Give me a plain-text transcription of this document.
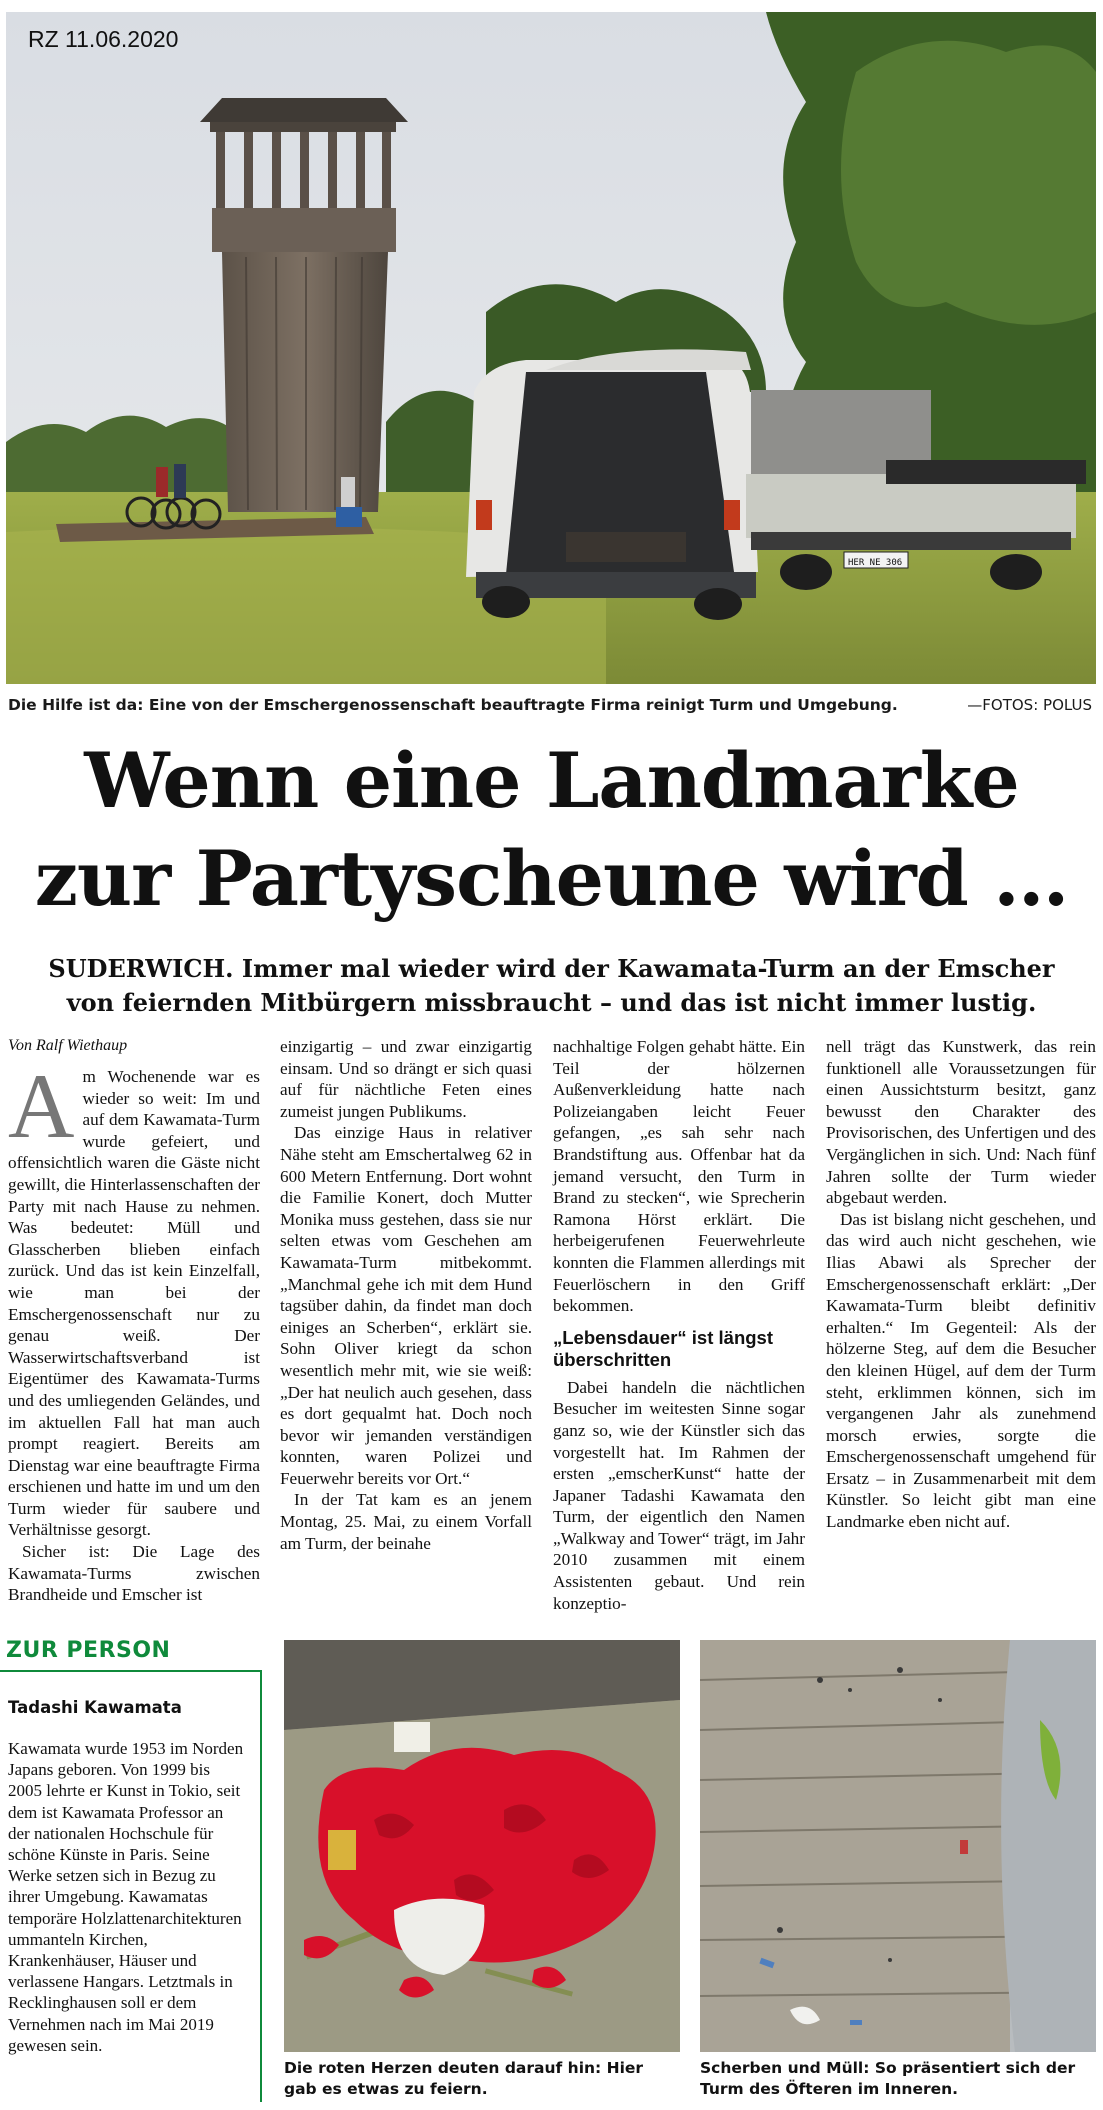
RZ 11.06.2020
HER NE 306
Die Hilfe ist da: Eine von der Emschergenossenschaft beauftragte Firma reinigt Turm und Umgebung.	—FOTOS: POLUS
Wenn eine Landmarke
zur Partyscheune wird …
SUDERWICH. Immer mal wieder wird der Kawamata-Turm an der Emscher
von feiernden Mitbürgern missbraucht – und das ist nicht immer lustig.
Von Ralf Wiethaup
A m Wochenende war es wieder so weit: Im und auf dem Kawamata-Turm wurde gefeiert, und offensichtlich waren die Gäste nicht gewillt, die Hinterlassenschaften der Party mit nach Hause zu nehmen. Was bedeutet: Müll und Glasscherben blieben einfach zurück. Und das ist kein Einzelfall, wie man bei der Emschergenossenschaft nur zu genau weiß. Der Wasserwirtschaftsverband ist Eigentümer des Kawamata-Turms und des umliegenden Geländes, und im aktuellen Fall hat man auch prompt reagiert. Bereits am Dienstag war eine beauftragte Firma erschienen und hatte im und um den Turm wieder für saubere und Verhältnisse gesorgt.

Sicher ist: Die Lage des Kawamata-Turms zwischen Brandheide und Emscher ist

einzigartig – und zwar einzigartig einsam. Und so drängt er sich quasi auf für nächtliche Feten eines zumeist jungen Publikums.

Das einzige Haus in relativer Nähe steht am Emschertalweg 62 in 600 Metern Entfernung. Dort wohnt die Familie Konert, doch Mutter Monika muss gestehen, dass sie nur selten etwas vom Geschehen am Kawamata-Turm mitbekommt. „Manchmal gehe ich mit dem Hund tagsüber dahin, da findet man doch einiges an Scherben“, erklärt sie. Sohn Oliver kriegt da schon wesentlich mehr mit, wie sie weiß: „Der hat neulich auch gesehen, dass es dort gequalmt hat. Doch noch bevor wir jemanden verständigen konnten, waren Polizei und Feuerwehr bereits vor Ort.“

In der Tat kam es an jenem Montag, 25. Mai, zu einem Vorfall am Turm, der beinahe

nachhaltige Folgen gehabt hätte. Ein Teil der hölzernen Außenverkleidung hatte nach Polizeiangaben leicht Feuer gefangen, „es sah sehr nach Brandstiftung aus. Offenbar hat da jemand versucht, den Turm in Brand zu stecken“, wie Sprecherin Ramona Hörst erklärt. Die herbeigerufenen Feuerwehrleute konnten die Flammen allerdings mit Feuerlöschern in den Griff bekommen.

„Lebensdauer“ ist längst überschritten

Dabei handeln die nächtlichen Besucher im weitesten Sinne sogar ganz so, wie der Künstler sich das vorgestellt hat. Im Rahmen der ersten „emscherKunst“ hatte der Japaner Tadashi Kawamata den Turm, der eigentlich den Namen „Walkway and Tower“ trägt, im Jahr 2010 zusammen mit einem Assistenten gebaut. Und rein konzeptio-

nell trägt das Kunstwerk, das rein funktionell alle Voraussetzungen für einen Aussichtsturm besitzt, ganz bewusst den Charakter des Provisorischen, des Unfertigen und des Vergänglichen in sich. Und: Nach fünf Jahren sollte der Turm wieder abgebaut werden.

Das ist bislang nicht geschehen, und das wird auch nicht geschehen, wie Ilias Abawi als Sprecher der Emschergenossenschaft erklärt: „Der Kawamata-Turm bleibt definitiv erhalten.“ Im Gegenteil: Als der hölzerne Steg, auf dem die Besucher den kleinen Hügel, auf dem der Turm steht, erklimmen können, sich im vergangenen Jahr als zunehmend morsch erwies, sorgte die Emschergenossenschaft umgehend für Ersatz – in Zusammenarbeit mit dem Künstler. So leicht gibt man eine Landmarke eben nicht auf.

ZUR PERSON
Tadashi Kawamata
Kawamata wurde 1953 im Norden Japans geboren. Von 1999 bis 2005 lehrte er Kunst in Tokio, seit dem ist Kawamata Professor an der nationalen Hochschule für schöne Künste in Paris. Seine Werke setzen sich in Bezug zu ihrer Umgebung. Kawamatas temporäre Holzlattenarchitekturen ummanteln Kirchen, Krankenhäuser, Häuser und verlassene Hangars. Letztmals in Recklinghausen soll er dem Vernehmen nach im Mai 2019 gewesen sein.
Die roten Herzen deuten darauf hin: Hier gab es etwas zu feiern.
Scherben und Müll: So präsentiert sich der Turm des Öfteren im Inneren.
